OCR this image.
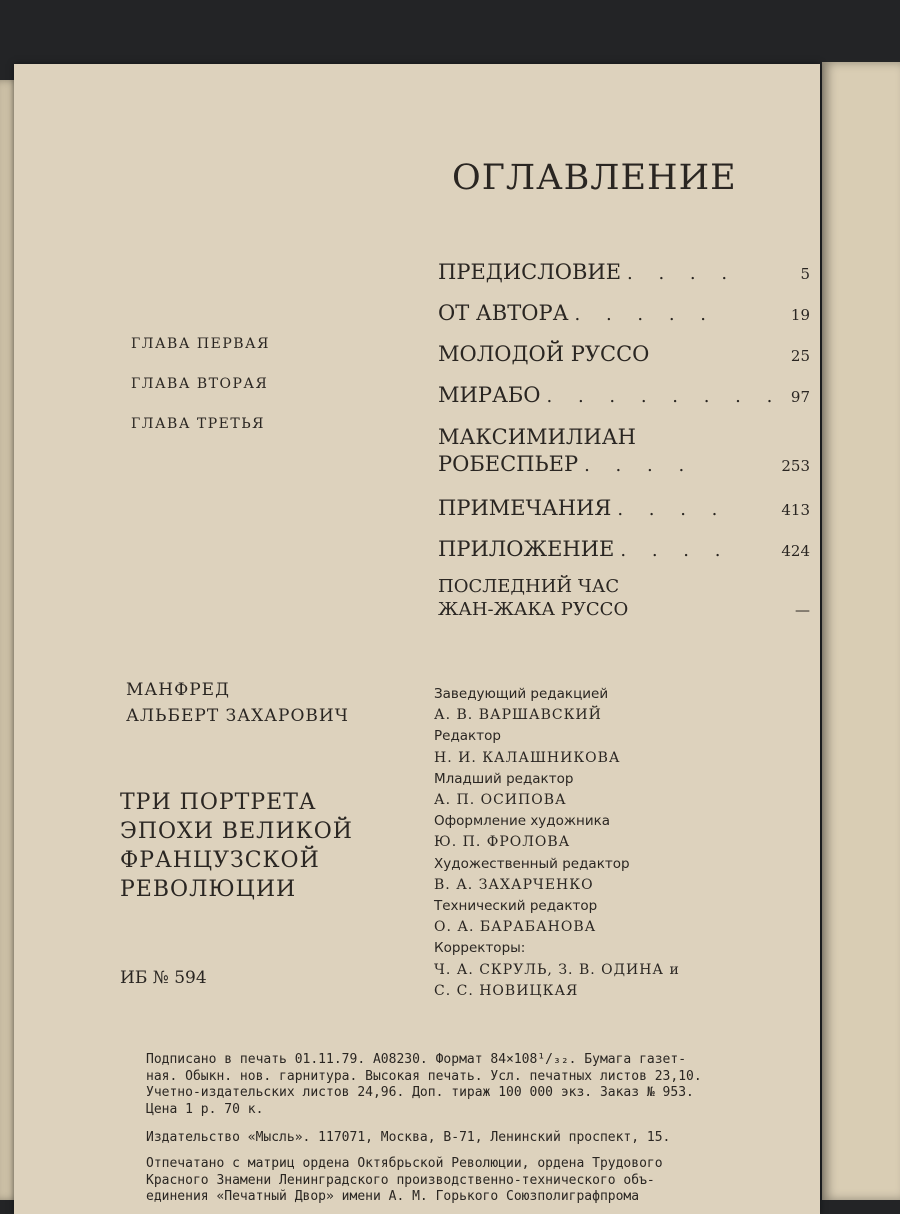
ОГЛАВЛЕНИЕ
ГЛАВА ПЕРВАЯ
ГЛАВА ВТОРАЯ
ГЛАВА ТРЕТЬЯ
ПРЕДИСЛОВИЕ . . . .	5
ОТ АВТОРА . . . . .	19
МОЛОДОЙ РУССО	25
МИРАБО . . . . . . . . 97
МАКСИМИЛИАН
РОБЕСПЬЕР . . . .	253
ПРИМЕЧАНИЯ . . . .	413
ПРИЛОЖЕНИЕ . . . .	424
ПОСЛЕДНИЙ ЧАС
ЖАН-ЖАКА РУССО	—
МАНФРЕД
АЛЬБЕРТ ЗАХАРОВИЧ
ТРИ ПОРТРЕТА
ЭПОХИ ВЕЛИКОЙ
ФРАНЦУЗСКОЙ
РЕВОЛЮЦИИ
ИБ № 594
Заведующий редакцией
А. В. ВАРШАВСКИЙ
Редактор
Н. И. КАЛАШНИКОВА
Младший редактор
А. П. ОСИПОВА
Оформление художника
Ю. П. ФРОЛОВА
Художественный редактор
В. А. ЗАХАРЧЕНКО
Технический редактор
О. А. БАРАБАНОВА
Корректоры:
Ч. А. СКРУЛЬ, З. В. ОДИНА и
С. С. НОВИЦКАЯ
Подписано в печать 01.11.79. А08230. Формат 84×108¹/₃₂. Бумага газет-
ная. Обыкн. нов. гарнитура. Высокая печать. Усл. печатных листов 23,10.
Учетно-издательских листов 24,96. Доп. тираж 100 000 экз. Заказ № 953.
Цена 1 р. 70 к.
Издательство «Мысль». 117071, Москва, В-71, Ленинский проспект, 15.
Отпечатано с матриц ордена Октябрьской Революции, ордена Трудового
Красного Знамени Ленинградского производственно-технического объ-
единения «Печатный Двор» имени А. М. Горького Союзполиграфпрома
